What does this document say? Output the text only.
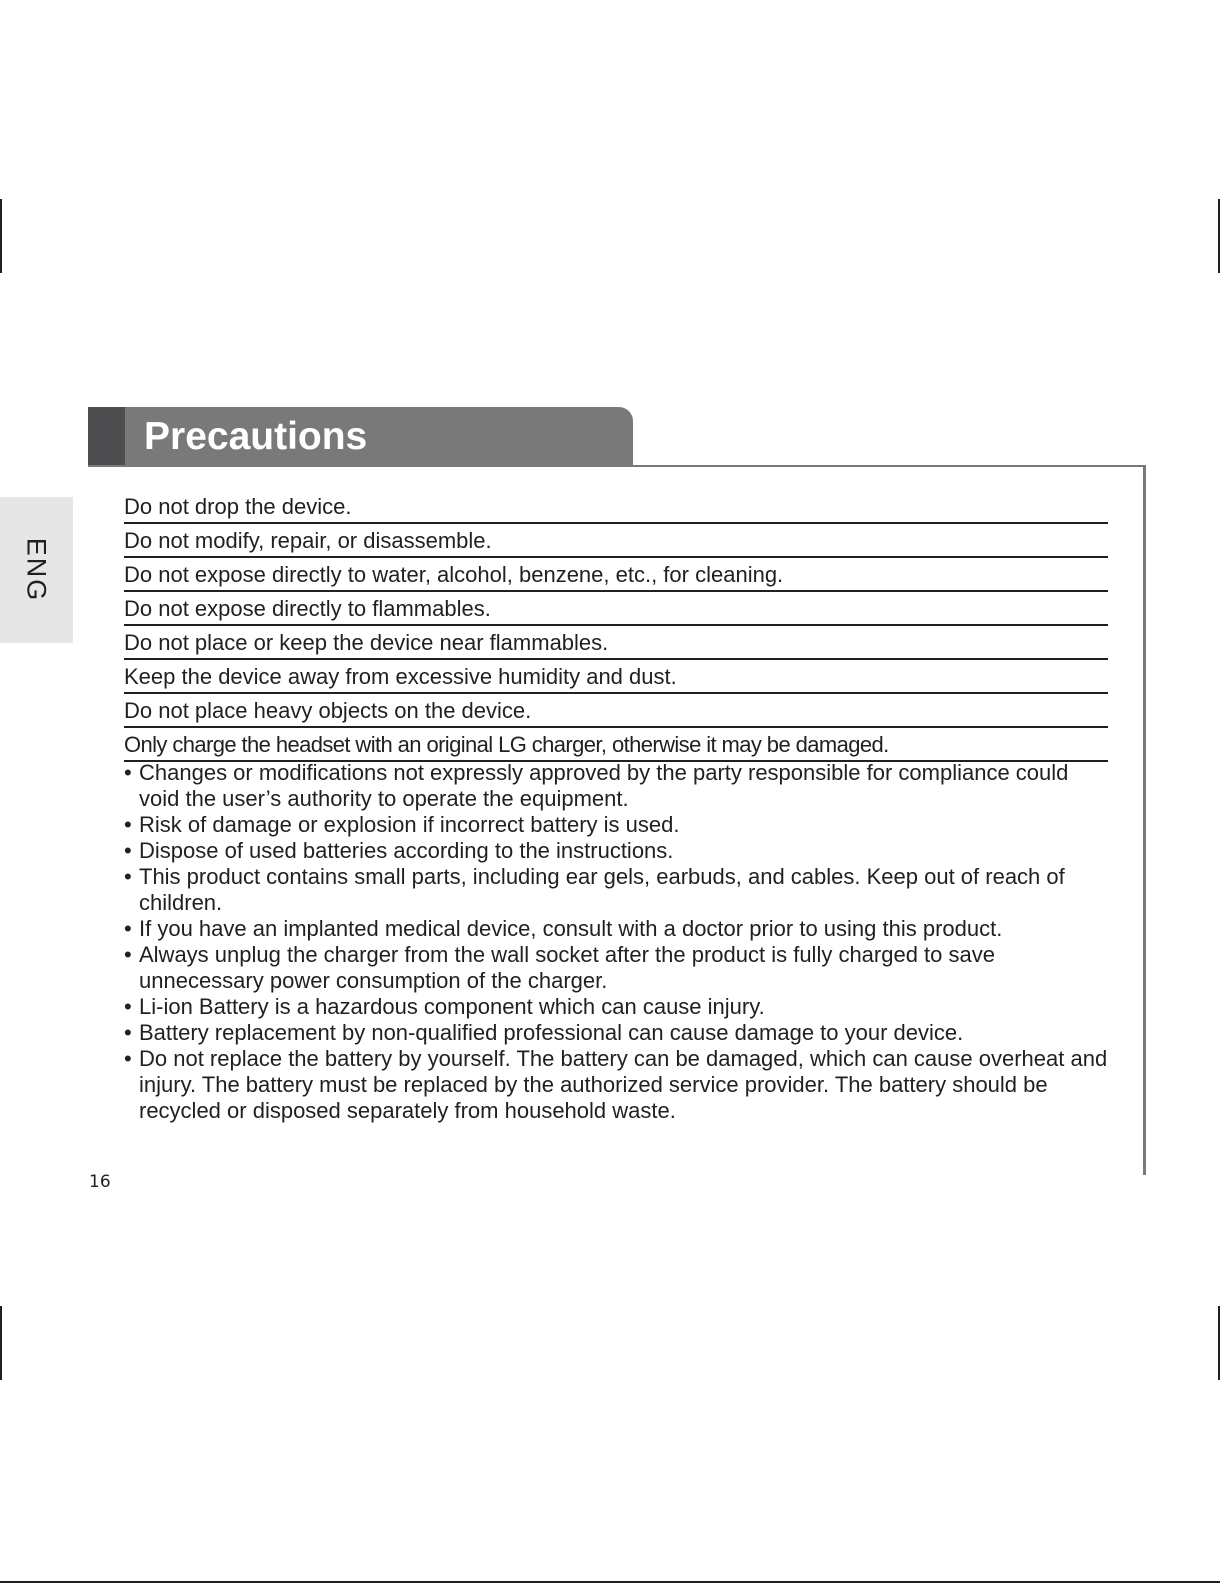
ENG
Precautions
Do not drop the device.
Do not modify, repair, or disassemble.
Do not expose directly to water, alcohol, benzene, etc., for cleaning.
Do not expose directly to flammables.
Do not place or keep the device near flammables.
Keep the device away from excessive humidity and dust.
Do not place heavy objects on the device.
Only charge the headset with an original LG charger, otherwise it may be damaged.
• Changes or modifications not expressly approved by the party responsible for compliance could void the user’s authority to operate the equipment.
• Risk of damage or explosion if incorrect battery is used.
• Dispose of used batteries according to the instructions.
• This product contains small parts, including ear gels, earbuds, and cables. Keep out of reach of children.
• If you have an implanted medical device, consult with a doctor prior to using this product.
• Always unplug the charger from the wall socket after the product is fully charged to save unnecessary power consumption of the charger.
• Li-ion Battery is a hazardous component which can cause injury.
• Battery replacement by non-qualified professional can cause damage to your device.
• Do not replace the battery by yourself. The battery can be damaged, which can cause overheat and injury. The battery must be replaced by the authorized service provider. The battery should be recycled or disposed separately from household waste.
16
